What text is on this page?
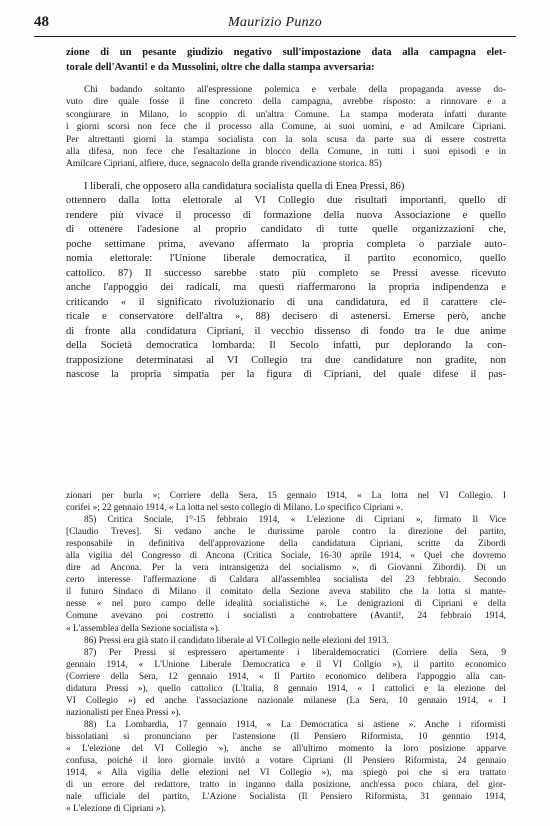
48	Maurizio Punzo
zione di un pesante giudizio negativo sull'impostazione data alla campagna elet-
torale dell'Avanti! e da Mussolini, oltre che dalla stampa avversaria:
Chi badando soltanto all'espressione polemica e verbale della propaganda avesse do-
vuto dire quale fosse il fine concreto della campagna, avrebbe risposto: a rinnovare e a
scongiurare in Milano, lo scoppio di un'altra Comune. La stampa moderata infatti durante
i giorni scorsi non fece che il processo alla Comune, ai suoi uomini, e ad Amilcare Cipriani.
Per altrettanti giorni la stampa socialista con la sola scusa da parte sua di essere costretta
alla difesa, non fece che l'esaltazione in blocco della Comune, in tutti i suoi episodi e in
Amilcare Cipriani, alfiere, duce, segnacolo della grande rivendicazione storica. 85)
I liberali, che opposero alla candidatura socialista quella di Enea Pressi, 86)
ottennero dalla lotta elettorale al VI Collegio due risultati importanti, quello di
rendere più vivace il processo di formazione della nuova Associazione e quello
di ottenere l'adesione al proprio candidato di tutte quelle organizzazioni che,
poche settimane prima, avevano affermato la propria completa o parziale auto-
nomia elettorale: l'Unione liberale democratica, il partito economico, quello
cattolico. 87) Il successo sarebbe stato più completo se Pressi avesse ricevuto
anche l'appoggio dei radicali, ma questi riaffermarono la propria indipendenza e
criticando « il significato rivoluzionario di una candidatura, ed il carattere cle-
ricale e conservatore dell'altra », 88) decisero di astenersi. Emerse però, anche
di fronte alla condidatura Cipriani, il vecchio dissenso di fondo tra le due anime
della Società democratica lombarda: Il Secolo infatti, pur deplorando la con-
trapposizione determinatasi al VI Collegio tra due candidature non gradite, non
nascose la propria simpatia per la figura di Cipriani, del quale difese il pas-
zionari per burla »; Corriere della Sera, 15 gennaio 1914, « La lotta nel VI Collegio. I
corifei »; 22 gennaio 1914, « La lotta nel sesto collegio di Milano. Lo specifico Cipriani ».
85) Critica Sociale, 1°-15 febbraio 1914, « L'elezione di Cipriani », firmato Il Vice
[Claudio Treves]. Si vedano anche le durissime parole contro la direzione del partito,
responsabile in definitiva dell'approvazione della candidatura Cipriani, scritte da Zibordi
alla vigilia del Congresso di Ancona (Critica Sociale, 16-30 aprile 1914, « Quel che dovremo
dire ad Ancona. Per la vera intransigenza del socialismo », di Giovanni Zibordi). Di un
certo interesse l'affermazione di Caldara all'assemblea socialista del 23 febbraio. Secondo
il futuro Sindaco di Milano il comitato della Sezione aveva stabilito che la lotta si mante-
nesse « nel puro campo delle idealità socialistiche ». Le denigrazioni di Cipriani e della
Comune avevano poi costretto i socialisti a controbattere (Avanti!, 24 febbraio 1914,
« L'assemblea della Sezione socialista »).
86) Pressi era già stato il candidato liberale al VI Collegio nelle elezioni del 1913.
87) Per Pressi si espressero apertamente i liberaldemocratici (Corriere della Sera, 9
gennaio 1914, « L'Unione Liberale Democratica e il VI Collgio »), il partito economico
(Corriere della Sera, 12 gennaio 1914, « Il Partito economico delibera l'appoggio alla can-
didatura Pressi »), quello cattolico (L'Italia, 8 gennaio 1914, « I cattolici e la elezione del
VI Collegio ») ed anche l'associazione nazionale milanese (La Sera, 10 gennaio 1914, « I
nazionalisti per Enea Pressi »).
88) La Lombardia, 17 gennaio 1914, « La Democratica si astiene ». Anche i riformisti
bissolatiani si pronunciano per l'astensione (Il Pensiero Riformista, 10 genntio 1914,
« L'elezione del VI Collegio »), anche se all'ultimo momento la loro posizione apparve
confusa, poiché il loro giornale invitò a votare Cipriani (Il Pensiero Riformista, 24 gennaio
1914, « Alla vigilia delle elezioni nel VI Collegio »), ma spiegò poi che si era trattato
di un errore del redattore, tratto in inganno dalla posizione, anch'essa poco chiara, del gior-
nale ufficiale del partito, L'Azione Socialista (Il Pensiero Riformista, 31 gennaio 1914,
« L'elezione di Cipriani »).
